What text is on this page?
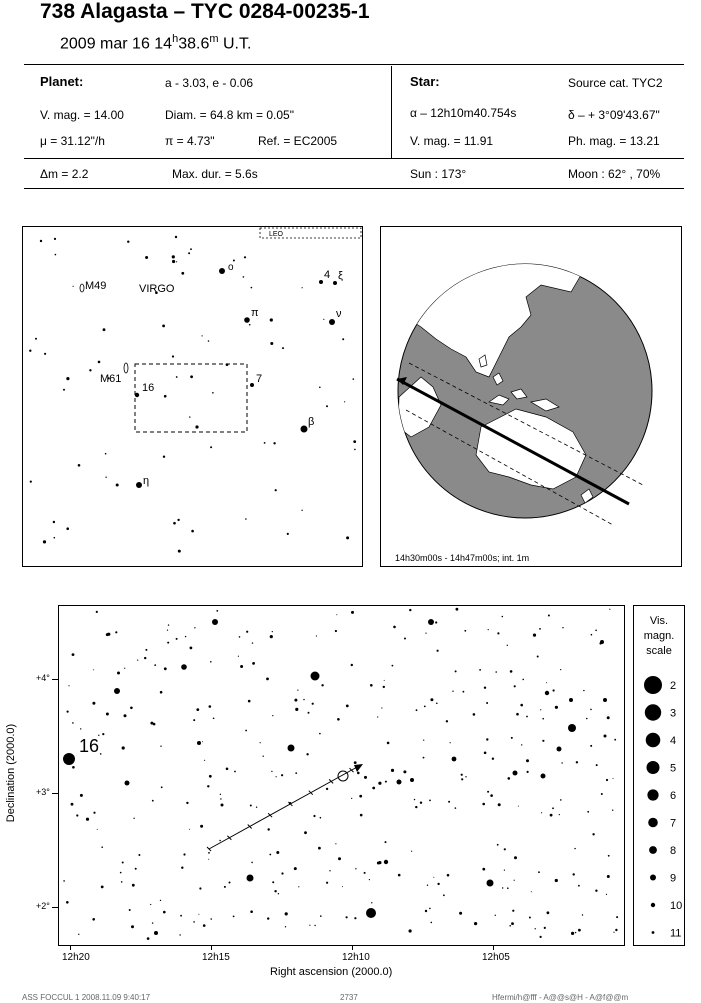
738 Alagasta – TYC 0284-00235-1
2009 mar 16 14$^h$38.6$^m$ U.T.
Planet:	a - 3.03, e - 0.06
V. mag. = 14.00	Diam. = 64.8 km = 0.05"
μ = 31.12"/h	π = 4.73"	Ref. = EC2005
Star:	Source cat. TYC2
α – 12h10m40.754s	δ – + 3°09'43.67"
V. mag. = 11.91	Ph. mag. = 13.21
Δm = 2.2	Max. dur. = 5.6s	Sun : 173°	Moon : 62° , 70%
LEO
VIRGO
M49
M61
16
o
π
4 ξ
ν
7
β
η
14h30m00s - 14h47m00s; int. 1m
16
+4°
+3°
+2°
12h20	12h15	12h10	12h05
Right ascension (2000.0)
Declination (2000.0)
Vis.
magn.
scale
2
3
4
5
6
7
8
9
10
11
ASS FOCCUL 1 2008.11.09 9:40:17	2737	Hfermi/h@fff - A@@s@H - A@f@@m
